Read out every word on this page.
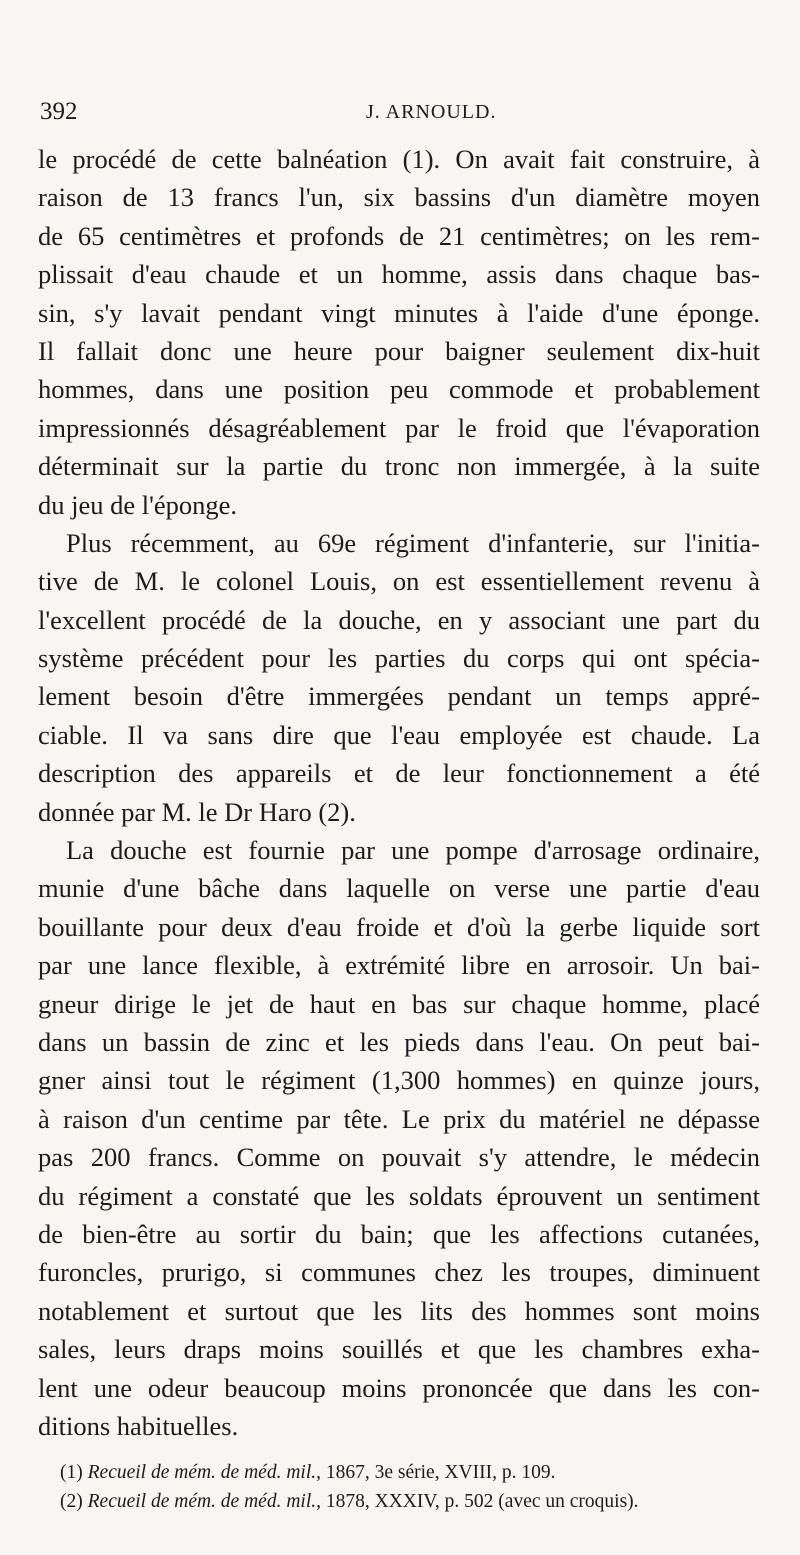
392	J. ARNOULD.
le procédé de cette balnéation (1). On avait fait construire, à
raison de 13 francs l'un, six bassins d'un diamètre moyen
de 65 centimètres et profonds de 21 centimètres; on les rem-
plissait d'eau chaude et un homme, assis dans chaque bas-
sin, s'y lavait pendant vingt minutes à l'aide d'une éponge.
Il fallait donc une heure pour baigner seulement dix-huit
hommes, dans une position peu commode et probablement
impressionnés désagréablement par le froid que l'évaporation
déterminait sur la partie du tronc non immergée, à la suite
du jeu de l'éponge.
Plus récemment, au 69e régiment d'infanterie, sur l'initia-
tive de M. le colonel Louis, on est essentiellement revenu à
l'excellent procédé de la douche, en y associant une part du
système précédent pour les parties du corps qui ont spécia-
lement besoin d'être immergées pendant un temps appré-
ciable. Il va sans dire que l'eau employée est chaude. La
description des appareils et de leur fonctionnement a été
donnée par M. le Dr Haro (2).
La douche est fournie par une pompe d'arrosage ordinaire,
munie d'une bâche dans laquelle on verse une partie d'eau
bouillante pour deux d'eau froide et d'où la gerbe liquide sort
par une lance flexible, à extrémité libre en arrosoir. Un bai-
gneur dirige le jet de haut en bas sur chaque homme, placé
dans un bassin de zinc et les pieds dans l'eau. On peut bai-
gner ainsi tout le régiment (1,300 hommes) en quinze jours,
à raison d'un centime par tête. Le prix du matériel ne dépasse
pas 200 francs. Comme on pouvait s'y attendre, le médecin
du régiment a constaté que les soldats éprouvent un sentiment
de bien-être au sortir du bain; que les affections cutanées,
furoncles, prurigo, si communes chez les troupes, diminuent
notablement et surtout que les lits des hommes sont moins
sales, leurs draps moins souillés et que les chambres exha-
lent une odeur beaucoup moins prononcée que dans les con-
ditions habituelles.
(1) Recueil de mém. de méd. mil., 1867, 3e série, XVIII, p. 109.
(2) Recueil de mém. de méd. mil., 1878, XXXIV, p. 502 (avec un croquis).
